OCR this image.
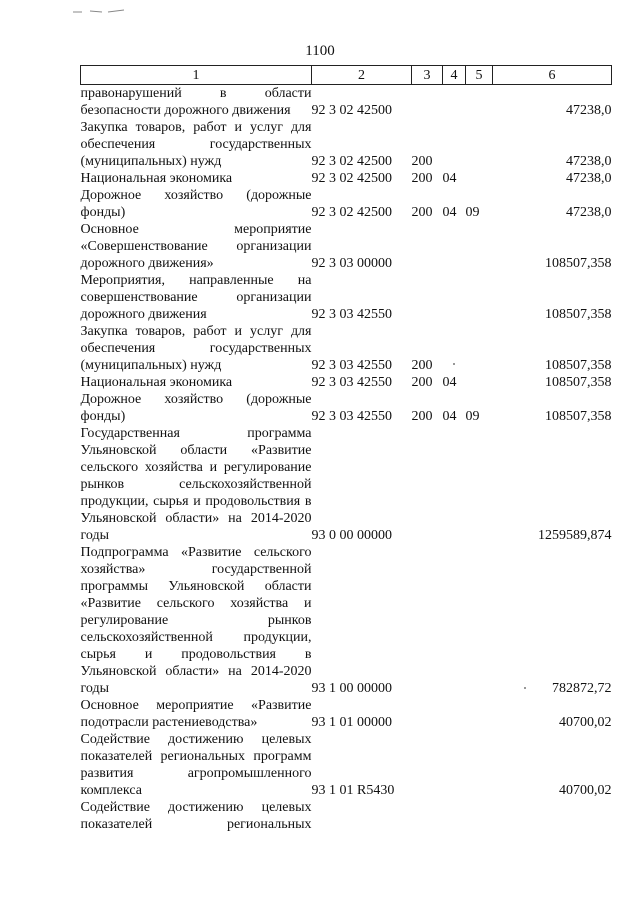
1100
1	2	3	4	5	6
правонарушений в области безопасности дорожного движения	92 3 02 42500				47238,0
Закупка товаров, работ и услуг для обеспечения государственных (муниципальных) нужд	92 3 02 42500	200			47238,0
Национальная экономика	92 3 02 42500	200	04		47238,0
Дорожное хозяйство (дорожные фонды)	92 3 02 42500	200	04	09	47238,0
Основное мероприятие «Совершенствование организации дорожного движения»	92 3 03 00000				108507,358
Мероприятия, направленные на совершенствование организации дорожного движения	92 3 03 42550				108507,358
Закупка товаров, работ и услуг для обеспечения государственных (муниципальных) нужд	92 3 03 42550	200			108507,358
Национальная экономика	92 3 03 42550	200	04		108507,358
Дорожное хозяйство (дорожные фонды)	92 3 03 42550	200	04	09	108507,358
Государственная программа Ульяновской области «Развитие сельского хозяйства и регулирование рынков сельскохозяйственной продукции, сырья и продовольствия в Ульяновской области» на 2014-2020 годы	93 0 00 00000				1259589,874
Подпрограмма «Развитие сельского хозяйства» государственной программы Ульяновской области «Развитие сельского хозяйства и регулирование рынков сельскохозяйственной продукции, сырья и продовольствия в Ульяновской области» на 2014-2020 годы	93 1 00 00000				782872,72
Основное мероприятие «Развитие подотрасли растениеводства»	93 1 01 00000				40700,02
Содействие достижению целевых показателей региональных программ развития агропромышленного комплекса	93 1 01 R5430				40700,02
Содействие достижению целевых показателей региональных					
